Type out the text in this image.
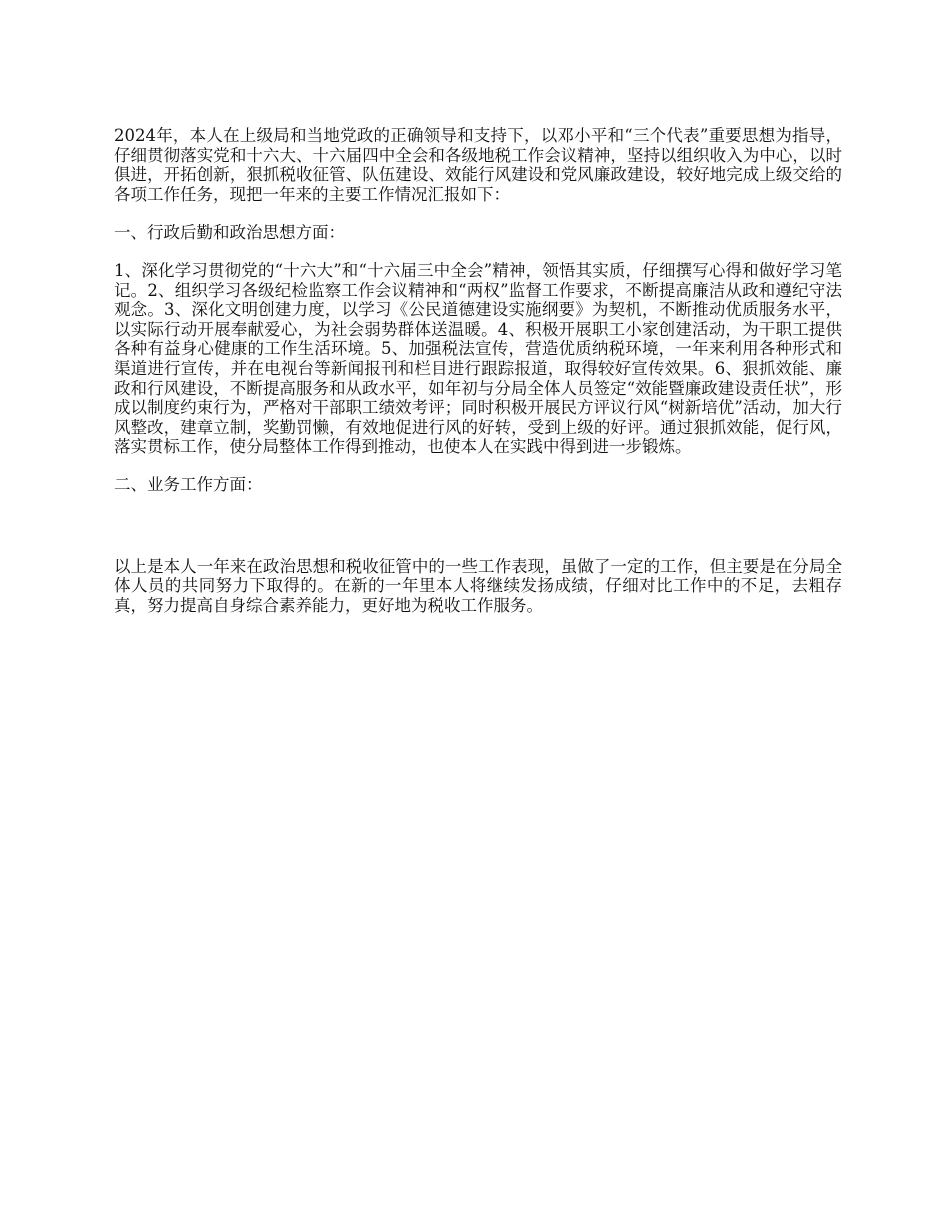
2024年，本人在上级局和当地党政的正确领导和支持下，以邓小平和“三个代表”重要思想为指导，仔细贯彻落实党和十六大、十六届四中全会和各级地税工作会议精神，坚持以组织收入为中心，以时俱进，开拓创新，狠抓税收征管、队伍建设、效能行风建设和党风廉政建设，较好地完成上级交给的各项工作任务，现把一年来的主要工作情况汇报如下：

一、行政后勤和政治思想方面：

1、深化学习贯彻党的“十六大”和“十六届三中全会”精神，领悟其实质，仔细撰写心得和做好学习笔记。2、组织学习各级纪检监察工作会议精神和“两权”监督工作要求，不断提高廉洁从政和遵纪守法观念。3、深化文明创建力度，以学习《公民道德建设实施纲要》为契机，不断推动优质服务水平，以实际行动开展奉献爱心，为社会弱势群体送温暖。4、积极开展职工小家创建活动，为干职工提供各种有益身心健康的工作生活环境。5、加强税法宣传，营造优质纳税环境，一年来利用各种形式和渠道进行宣传，并在电视台等新闻报刊和栏目进行跟踪报道，取得较好宣传效果。6、狠抓效能、廉政和行风建设，不断提高服务和从政水平，如年初与分局全体人员签定“效能暨廉政建设责任状”，形成以制度约束行为，严格对干部职工绩效考评；同时积极开展民方评议行风“树新培优”活动，加大行风整改，建章立制，奖勤罚懒，有效地促进行风的好转，受到上级的好评。通过狠抓效能，促行风，落实贯标工作，使分局整体工作得到推动，也使本人在实践中得到进一步锻炼。

二、业务工作方面：

以上是本人一年来在政治思想和税收征管中的一些工作表现，虽做了一定的工作，但主要是在分局全体人员的共同努力下取得的。在新的一年里本人将继续发扬成绩，仔细对比工作中的不足，去粗存真，努力提高自身综合素养能力，更好地为税收工作服务。
